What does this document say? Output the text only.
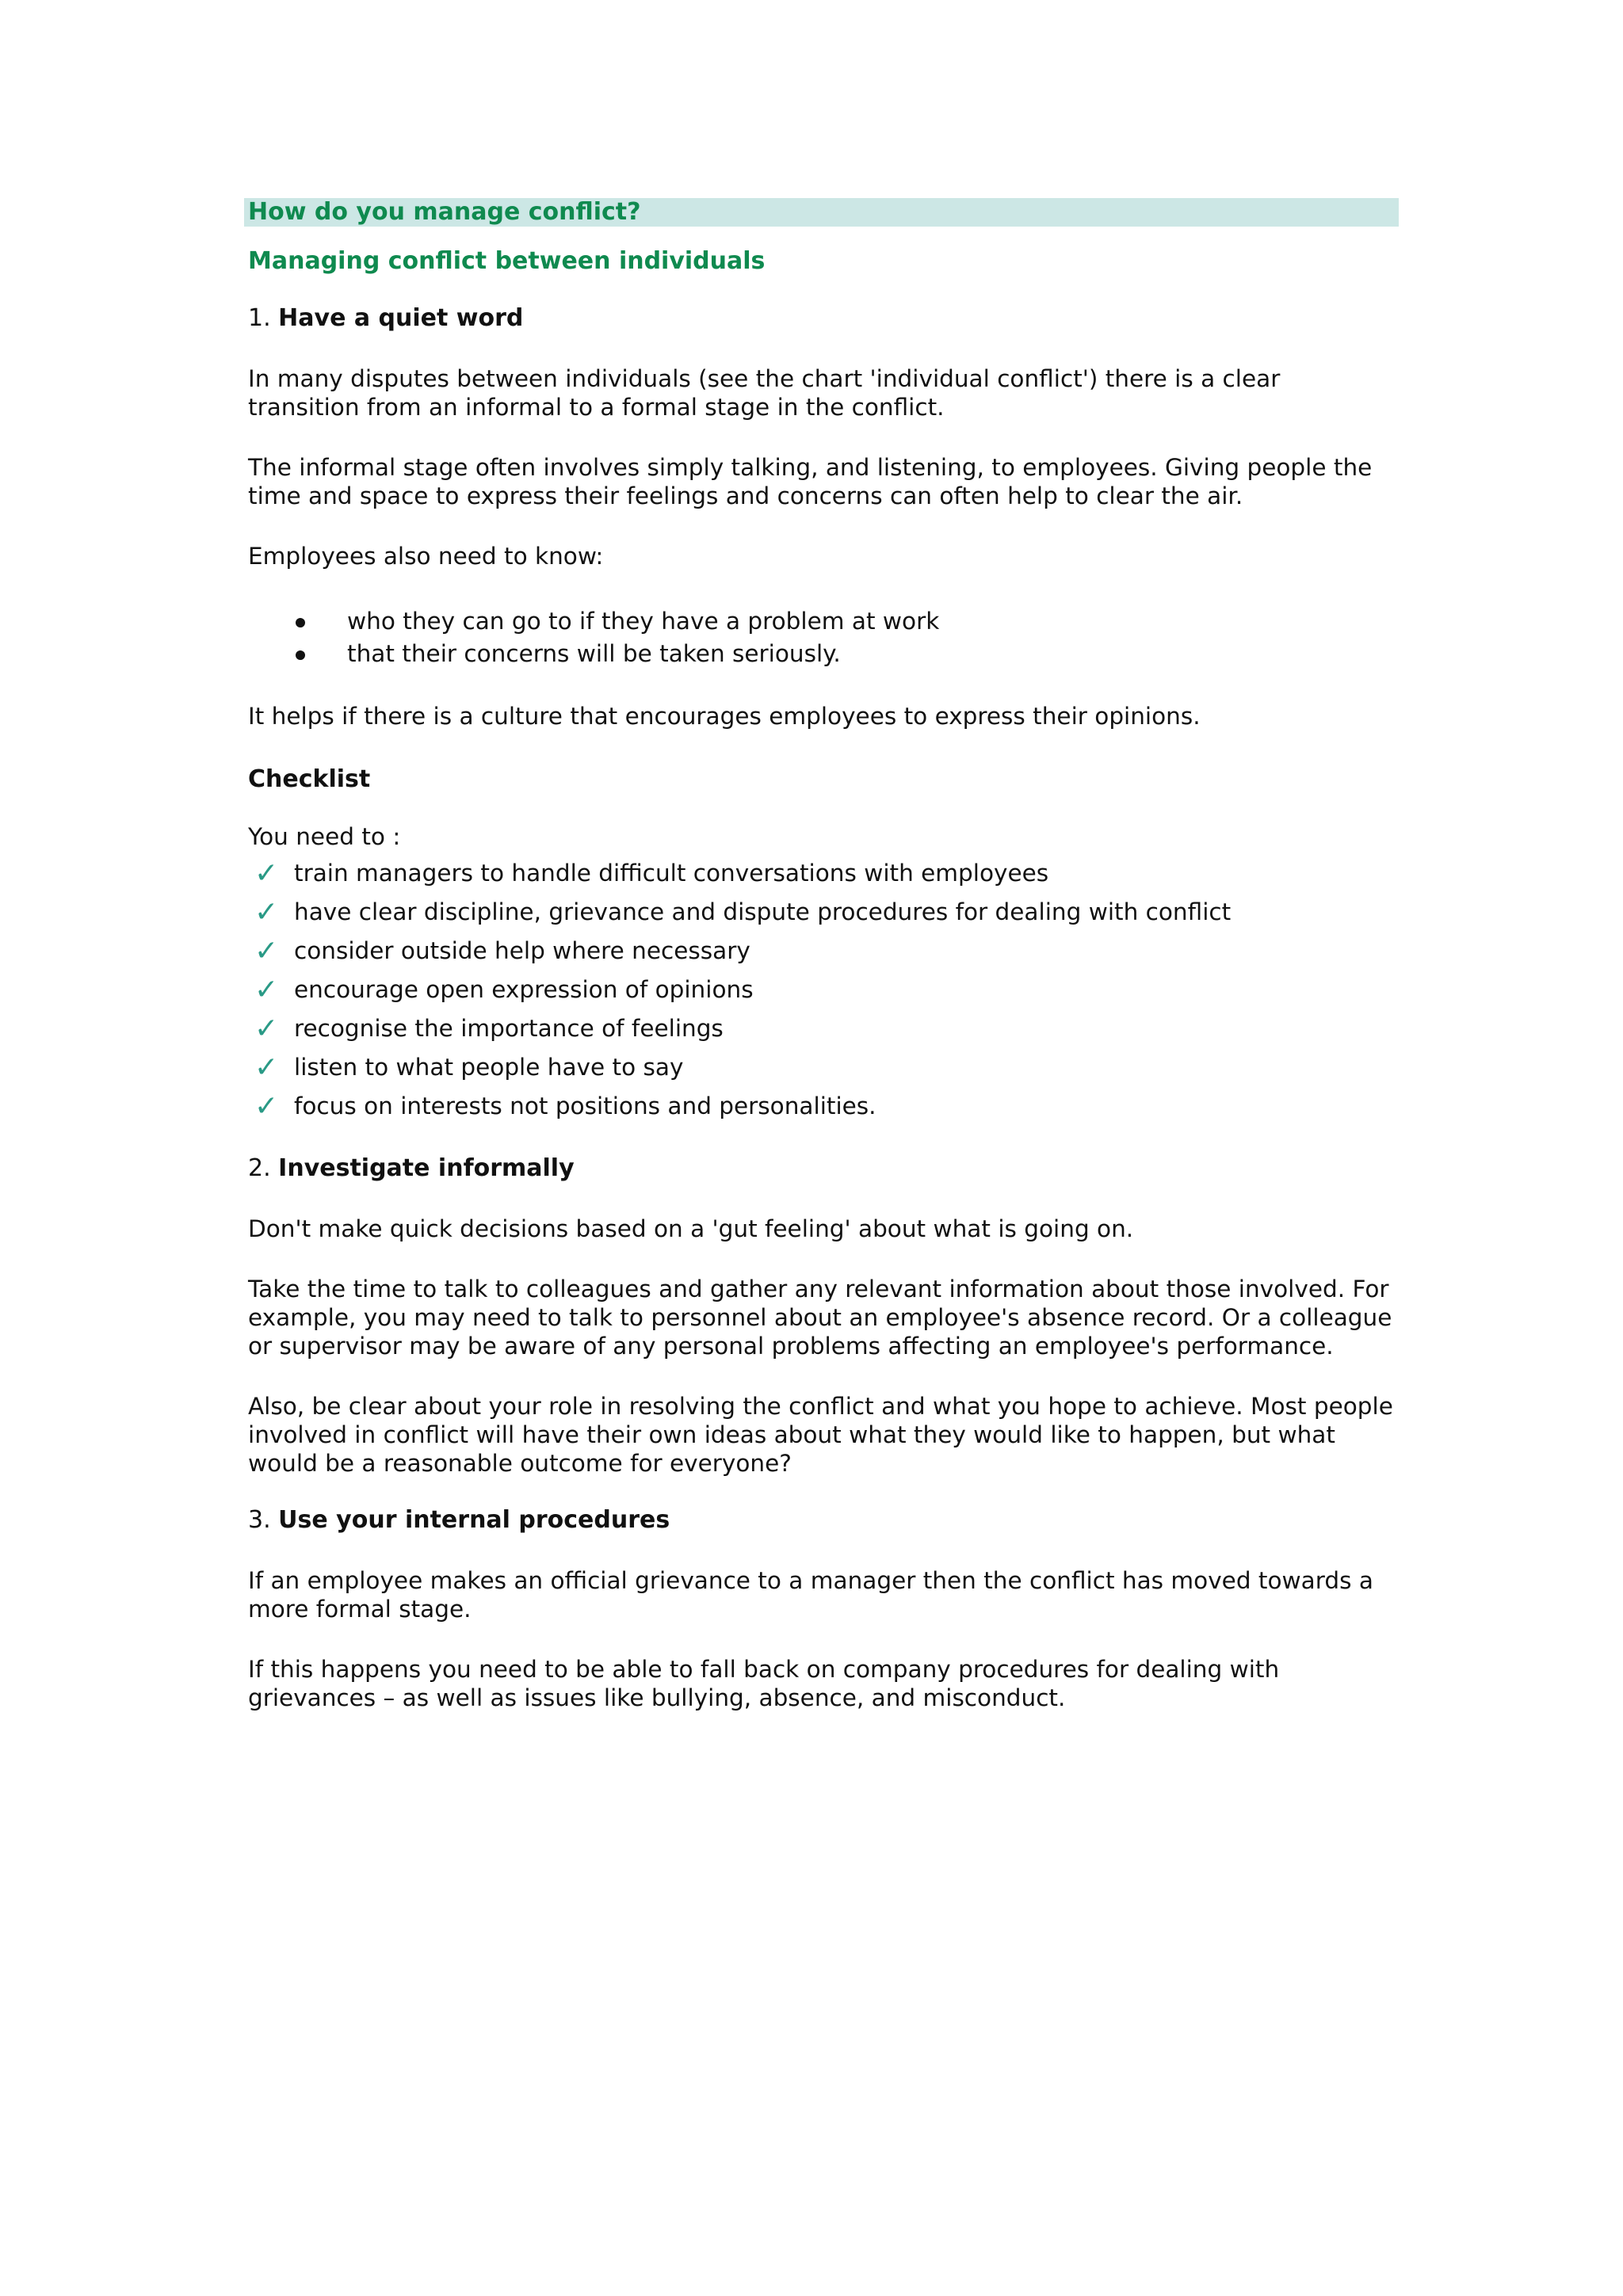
How do you manage conflict?
Managing conflict between individuals
1. Have a quiet word

In many disputes between individuals (see the chart 'individual conflict') there is a clear transition from an informal to a formal stage in the conflict.

The informal stage often involves simply talking, and listening, to employees. Giving people the time and space to express their feelings and concerns can often help to clear the air.

Employees also need to know:

who they can go to if they have a problem at work
that their concerns will be taken seriously.

It helps if there is a culture that encourages employees to express their opinions.

Checklist

You need to :

✓ train managers to handle difficult conversations with employees
✓ have clear discipline, grievance and dispute procedures for dealing with conflict
✓ consider outside help where necessary
✓ encourage open expression of opinions
✓ recognise the importance of feelings
✓ listen to what people have to say
✓ focus on interests not positions and personalities.
2. Investigate informally

Don't make quick decisions based on a 'gut feeling' about what is going on.

Take the time to talk to colleagues and gather any relevant information about those involved. For example, you may need to talk to personnel about an employee's absence record. Or a colleague or supervisor may be aware of any personal problems affecting an employee's performance.

Also, be clear about your role in resolving the conflict and what you hope to achieve. Most people involved in conflict will have their own ideas about what they would like to happen, but what would be a reasonable outcome for everyone?

3. Use your internal procedures

If an employee makes an official grievance to a manager then the conflict has moved towards a more formal stage.

If this happens you need to be able to fall back on company procedures for dealing with grievances – as well as issues like bullying, absence, and misconduct.
